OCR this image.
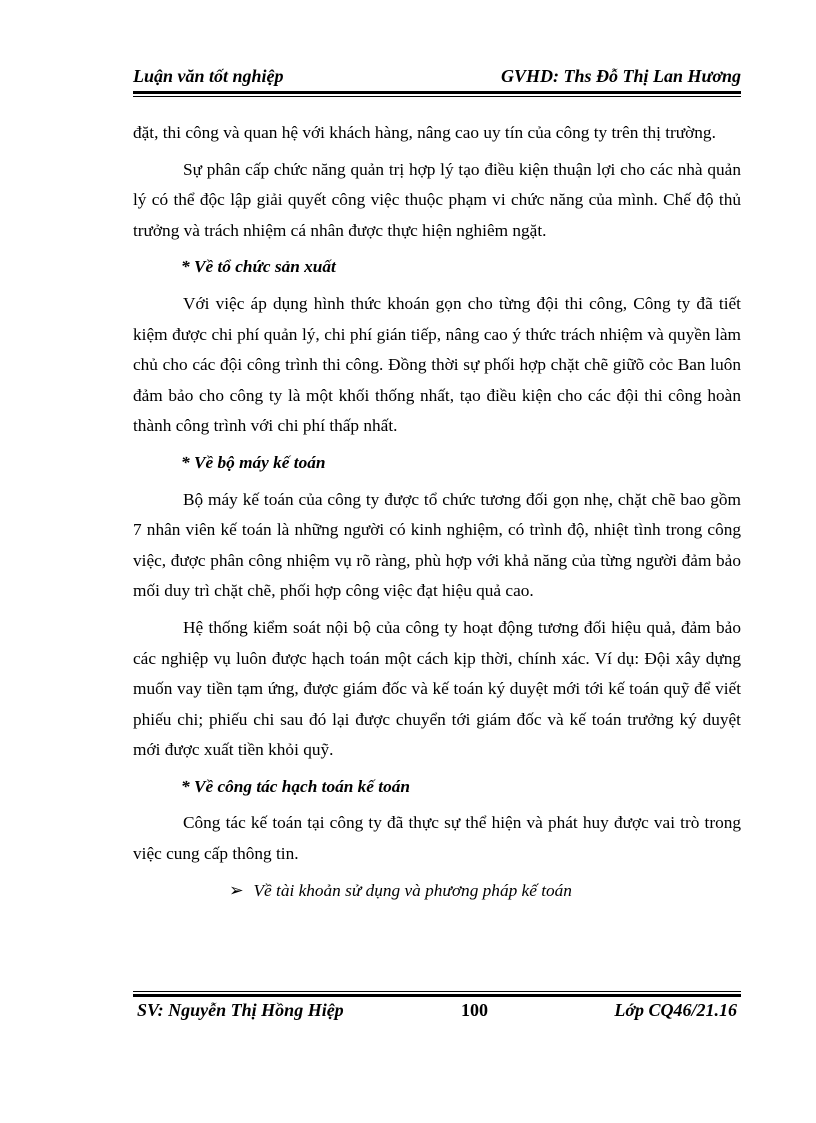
Luận văn tốt nghiệp	GVHD: Ths Đỗ Thị Lan Hương

đặt, thi công và quan hệ với khách hàng, nâng cao uy tín của công ty trên thị trường.

Sự phân cấp chức năng quản trị hợp lý tạo điều kiện thuận lợi cho các nhà quản lý có thể độc lập giải quyết công việc thuộc phạm vi chức năng của mình. Chế độ thủ trưởng và trách nhiệm cá nhân được thực hiện nghiêm ngặt.

* Về tổ chức sản xuất

Với việc áp dụng hình thức khoán gọn cho từng đội thi công, Công ty đã tiết kiệm được chi phí quản lý, chi phí gián tiếp, nâng cao ý thức trách nhiệm và quyền làm chủ cho các đội công trình thi công. Đồng thời sự phối hợp chặt chẽ giữõ cỏc Ban luôn đảm bảo cho công ty là một khối thống nhất, tạo điều kiện cho các đội thi công hoàn thành công trình với chi phí thấp nhất.

* Về bộ máy kế toán

Bộ máy kế toán của công ty được tổ chức tương đối gọn nhẹ, chặt chẽ bao gồm 7 nhân viên kế toán là những người có kinh nghiệm, có trình độ, nhiệt tình trong công việc, được phân công nhiệm vụ rõ ràng, phù hợp với khả năng của từng người đảm bảo mối duy trì chặt chẽ, phối hợp công việc đạt hiệu quả cao.

Hệ thống kiểm soát nội bộ của công ty hoạt động tương đối hiệu quả, đảm bảo các nghiệp vụ luôn được hạch toán một cách kịp thời, chính xác. Ví dụ: Đội xây dựng muốn vay tiền tạm ứng, được giám đốc và kế toán ký duyệt mới tới kế toán quỹ để viết phiếu chi; phiếu chi sau đó lại được chuyển tới giám đốc và kế toán trưởng ký duyệt mới được xuất tiền khỏi quỹ.

* Về công tác hạch toán kế toán

Công tác kế toán tại công ty đã thực sự thể hiện và phát huy được vai trò trong việc cung cấp thông tin.

➢ Về tài khoản sử dụng và phương pháp kế toán

SV: Nguyễn Thị Hồng Hiệp	100	Lớp CQ46/21.16
